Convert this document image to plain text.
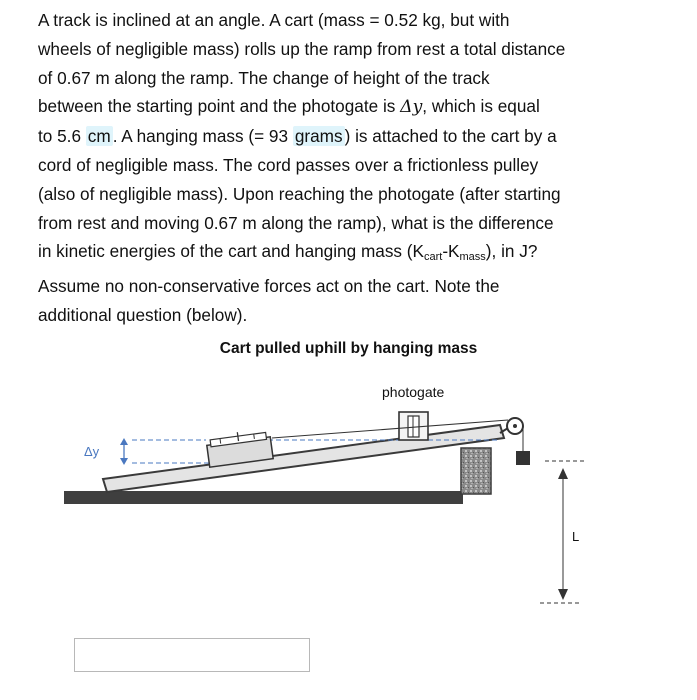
A track is inclined at an angle. A cart (mass = 0.52 kg, but with
wheels of negligible mass) rolls up the ramp from rest a total distance
of 0.67 m along the ramp. The change of height of the track
between the starting point and the photogate is Δy, which is equal
to 5.6 cm . A hanging mass (= 93 grams ) is attached to the cart by a
cord of negligible mass. The cord passes over a frictionless pulley
(also of negligible mass). Upon reaching the photogate (after starting
from rest and moving 0.67 m along the ramp), what is the difference
in kinetic energies of the cart and hanging mass $(K_{cart}-K_{mass})$, in J?
Assume no non-conservative forces act on the cart. Note the
additional question (below).
Cart pulled uphill by hanging mass
Δy
photogate
L
